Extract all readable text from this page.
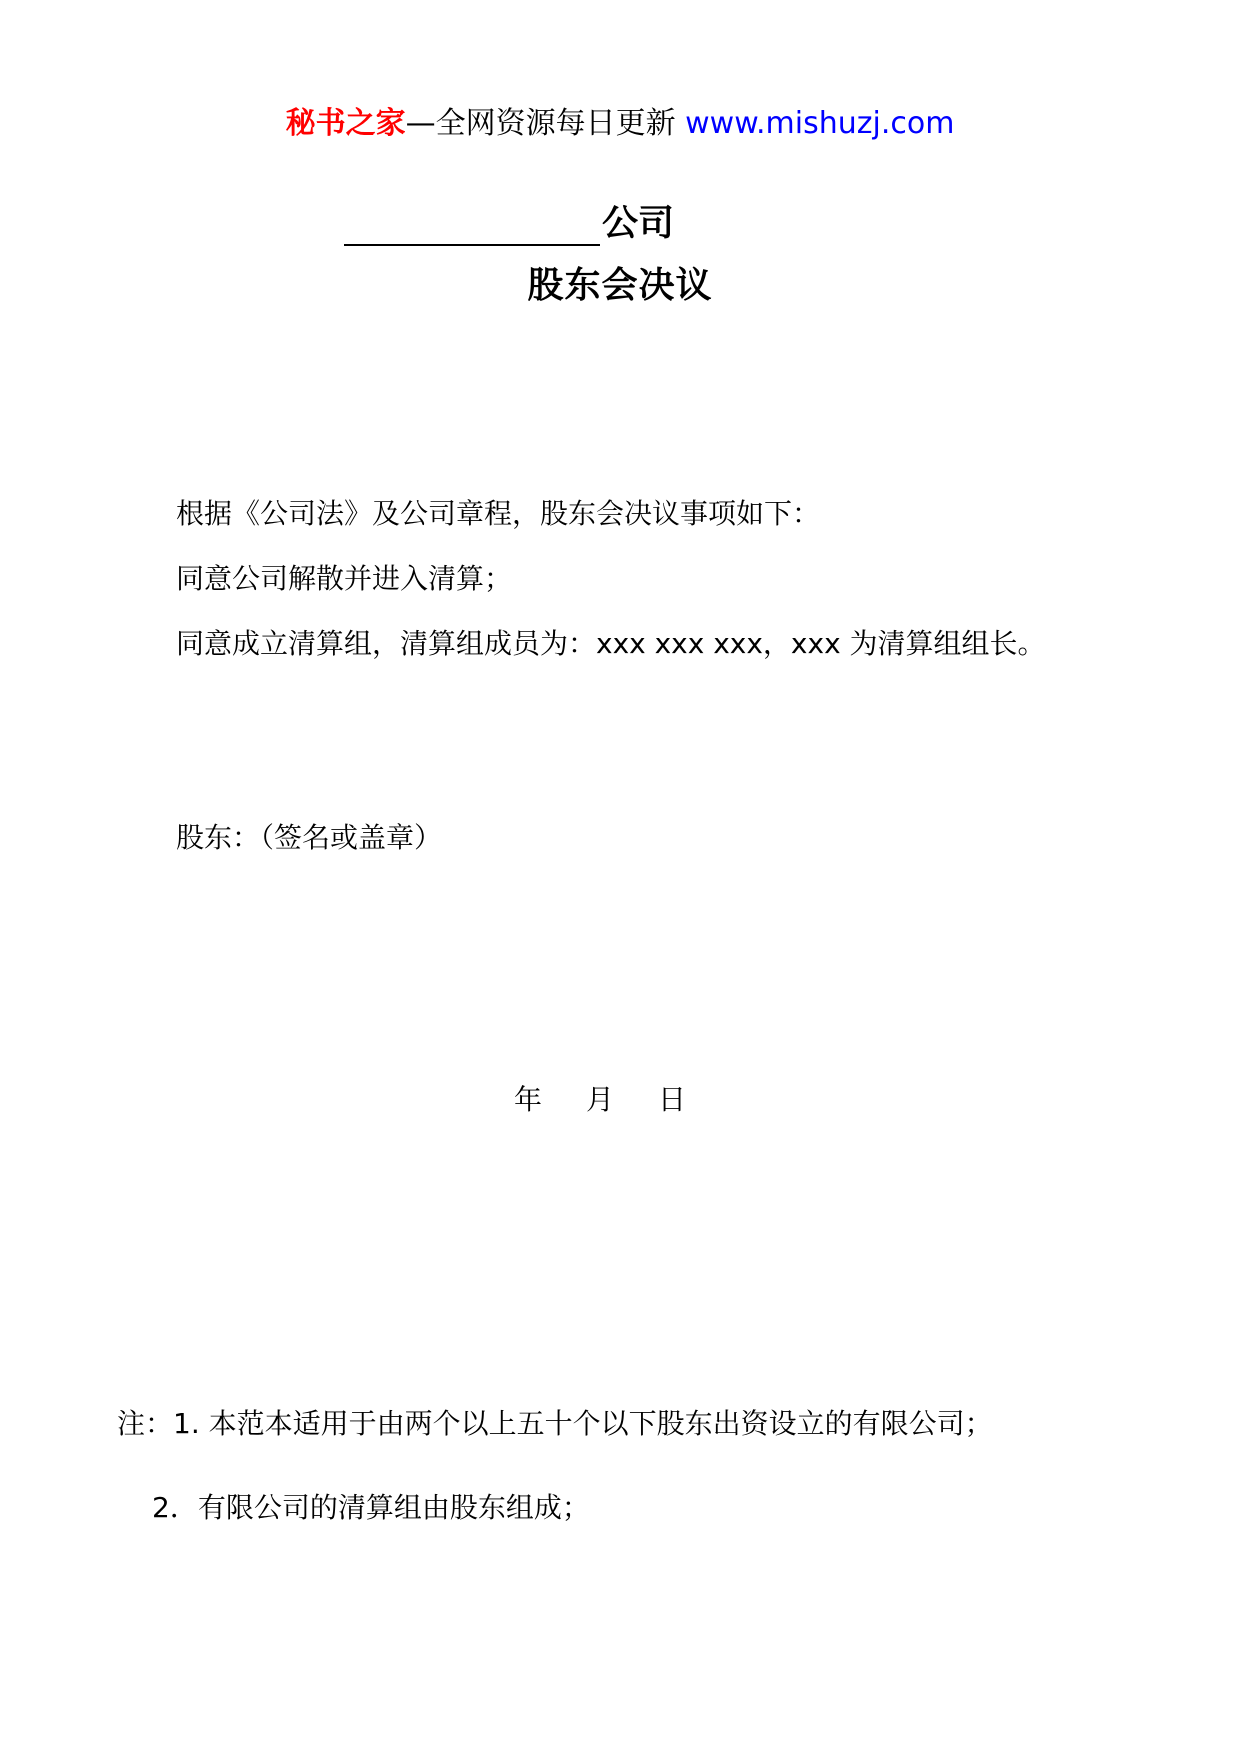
秘书之家—全网资源每日更新 www.mishuzj.com
公司
股东会决议
根据《公司法》及公司章程，股东会决议事项如下：
同意公司解散并进入清算；
同意成立清算组，清算组成员为：xxx xxx xxx，xxx 为清算组组长。
股东：（签名或盖章）
年 月 日
注：1. 本范本适用于由两个以上五十个以下股东出资设立的有限公司；
2．有限公司的清算组由股东组成；
